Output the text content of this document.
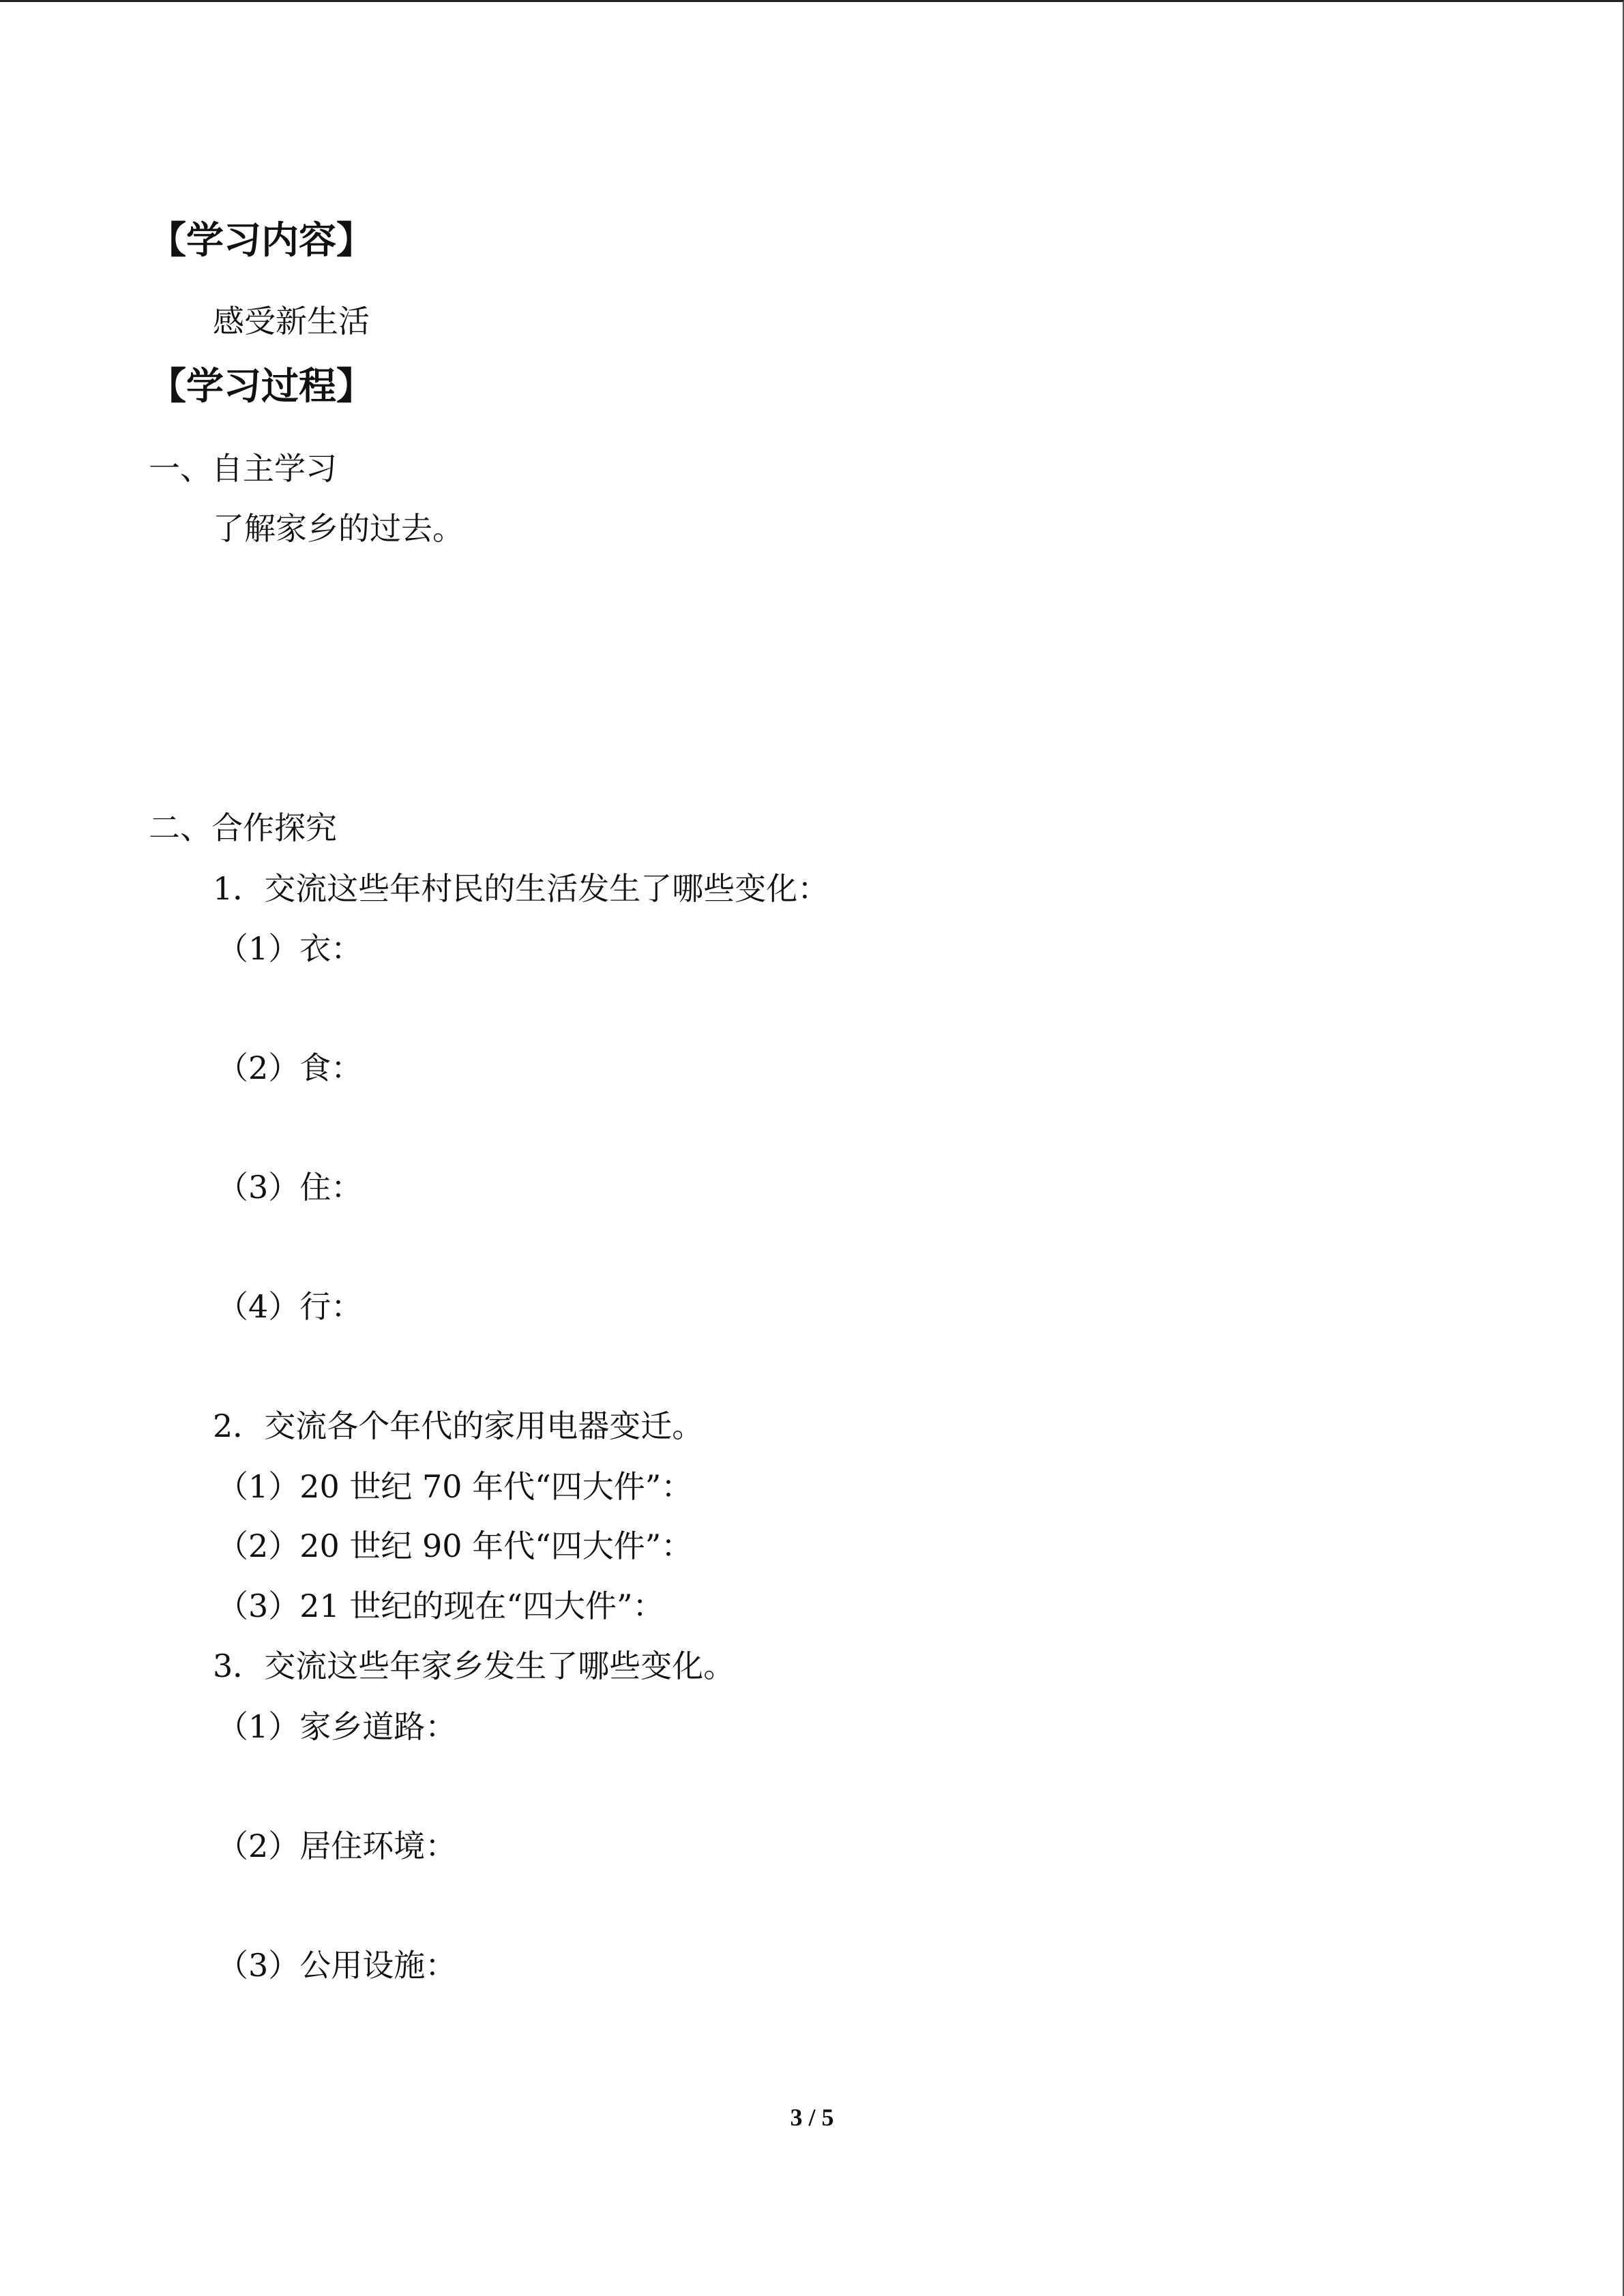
【学习内容】
感受新生活
【学习过程】
一、自主学习
了解家乡的过去。
二、合作探究
1．交流这些年村民的生活发生了哪些变化：
（1）衣：
（2）食：
（3）住：
（4）行：
2．交流各个年代的家用电器变迁。
（1）20 世纪 70 年代“四大件”：
（2）20 世纪 90 年代“四大件”：
（3）21 世纪的现在“四大件”：
3．交流这些年家乡发生了哪些变化。
（1）家乡道路：
（2）居住环境：
（3）公用设施：
3 / 5
